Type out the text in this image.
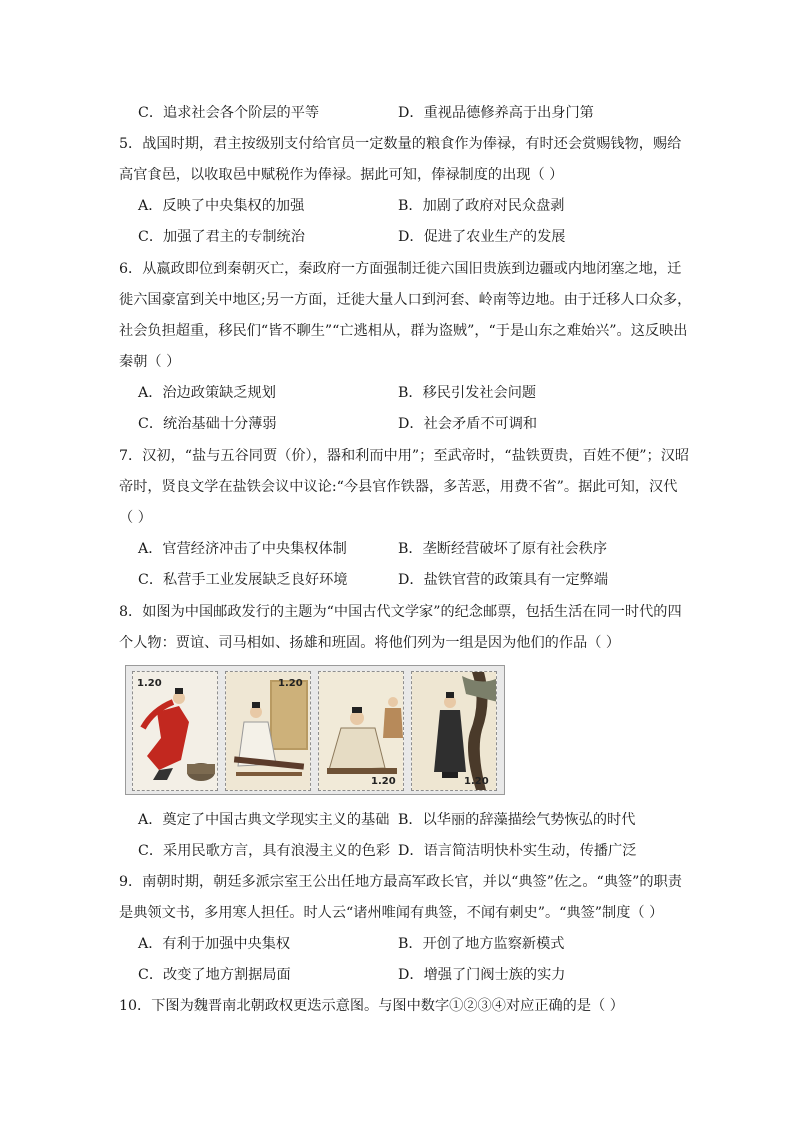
C．追求社会各个阶层的平等	D．重视品德修养高于出身门第
5．战国时期，君主按级别支付给官员一定数量的粮食作为俸禄，有时还会赏赐钱物，赐给
高官食邑，以收取邑中赋税作为俸禄。据此可知，俸禄制度的出现（ ）
A．反映了中央集权的加强	B．加剧了政府对民众盘剥
C．加强了君主的专制统治	D．促进了农业生产的发展
6．从嬴政即位到秦朝灭亡，秦政府一方面强制迁徙六国旧贵族到边疆或内地闭塞之地，迁
徙六国豪富到关中地区;另一方面，迁徙大量人口到河套、岭南等边地。由于迁移人口众多，
社会负担超重，移民们“皆不聊生”“亡逃相从，群为盗贼”，“于是山东之难始兴”。这反映出
秦朝（ ）
A．治边政策缺乏规划	B．移民引发社会问题
C．统治基础十分薄弱	D．社会矛盾不可调和
7．汉初，“盐与五谷同贾（价），器和利而中用”；至武帝时，“盐铁贾贵，百姓不便”；汉昭
帝时，贤良文学在盐铁会议中议论:“今县官作铁器，多苦恶，用费不省”。据此可知，汉代
（ ）
A．官营经济冲击了中央集权体制	B．垄断经营破坏了原有社会秩序
C．私营手工业发展缺乏良好环境	D．盐铁官营的政策具有一定弊端
8．如图为中国邮政发行的主题为“中国古代文学家”的纪念邮票，包括生活在同一时代的四
个人物：贾谊、司马相如、扬雄和班固。将他们列为一组是因为他们的作品（ ）
1.20	1.20
1.20	1.20
A．奠定了中国古典文学现实主义的基础 B．以华丽的辞藻描绘气势恢弘的时代
C．采用民歌方言，具有浪漫主义的色彩 D．语言简洁明快朴实生动，传播广泛
9．南朝时期，朝廷多派宗室王公出任地方最高军政长官，并以“典签”佐之。“典签”的职责
是典领文书，多用寒人担任。时人云“诸州唯闻有典签，不闻有刺史”。“典签”制度（ ）
A．有利于加强中央集权	B．开创了地方监察新模式
C．改变了地方割据局面	D．增强了门阀士族的实力
10．下图为魏晋南北朝政权更迭示意图。与图中数字①②③④对应正确的是（ ）
